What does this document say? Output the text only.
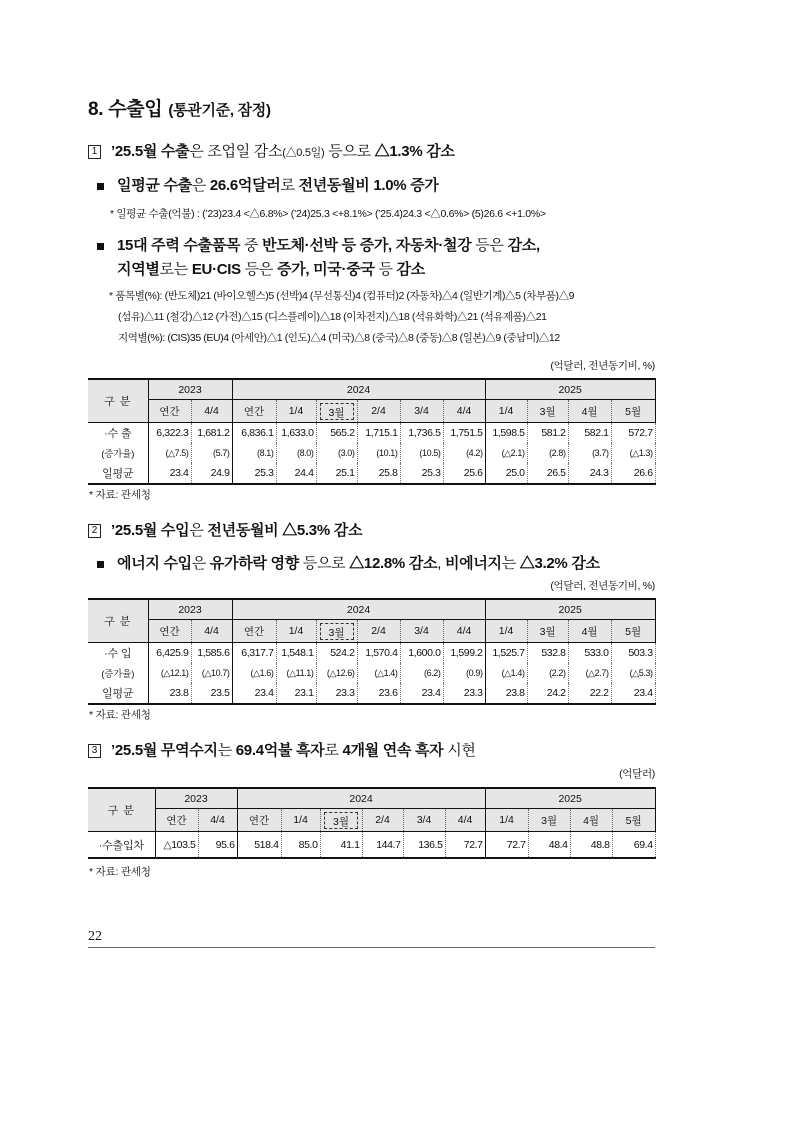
8. 수출입 (통관기준, 잠정)
1 ’25.5월 수출은 조업일 감소(△0.5일) 등으로 △1.3% 감소
일평균 수출은 26.6억달러로 전년동월비 1.0% 증가
* 일평균 수출(억불) : (’23)23.4 <△6.8%> (’24)25.3 <+8.1%> (’25.4)24.3 <△0.6%> (5)26.6 <+1.0%>
15대 주력 수출품목 중 반도체·선박 등 증가, 자동차·철강 등은 감소,
지역별로는 EU·CIS 등은 증가, 미국·중국 등 감소
* 품목별(%): (반도체)21 (바이오헬스)5 (선박)4 (무선통신)4 (컴퓨터)2 (자동차)△4 (일반기계)△5 (차부품)△9
(섬유)△11 (철강)△12 (가전)△15 (디스플레이)△18 (이차전지)△18 (석유화학)△21 (석유제품)△21
지역별(%): (CIS)35 (EU)4 (아세안)△1 (인도)△4 (미국)△8 (중국)△8 (중동)△8 (일본)△9 (중남미)△12
(억달러, 전년동기비, %)
구 분	2023		2024						2025			
	연간	4/4	연간	1/4	3월	2/4	3/4	4/4	1/4	3월	4월	5월
·수 출	6,322.3	1,681.2	6,836.1	1,633.0	565.2	1,715.1	1,736.5	1,751.5	1,598.5	581.2	582.1	572.7
(증가율)	(△7.5)	(5.7)	(8.1)	(8.0)	(3.0)	(10.1)	(10.5)	(4.2)	(△2.1)	(2.8)	(3.7)	(△1.3)
일평균	23.4	24.9	25.3	24.4	25.1	25.8	25.3	25.6	25.0	26.5	24.3	26.6
* 자료: 관세청
2 ’25.5월 수입은 전년동월비 △5.3% 감소
에너지 수입은 유가하락 영향 등으로 △12.8% 감소, 비에너지는 △3.2% 감소
(억달러, 전년동기비, %)
구 분	2023		2024						2025			
	연간	4/4	연간	1/4	3월	2/4	3/4	4/4	1/4	3월	4월	5월
·수 입	6,425.9	1,585.6	6,317.7	1,548.1	524.2	1,570.4	1,600.0	1,599.2	1,525.7	532.8	533.0	503.3
(증가율)	(△12.1)	(△10.7)	(△1.6)	(△11.1)	(△12.6)	(△1.4)	(6.2)	(0.9)	(△1.4)	(2.2)	(△2.7)	(△5.3)
일평균	23.8	23.5	23.4	23.1	23.3	23.6	23.4	23.3	23.8	24.2	22.2	23.4
* 자료: 관세청
3 ’25.5월 무역수지는 69.4억불 흑자로 4개월 연속 흑자 시현
(억달러)
구 분	2023		2024						2025			
	연간	4/4	연간	1/4	3월	2/4	3/4	4/4	1/4	3월	4월	5월
·수출입차	△103.5	95.6	518.4	85.0	41.1	144.7	136.5	72.7	72.7	48.4	48.8	69.4
* 자료: 관세청
22
